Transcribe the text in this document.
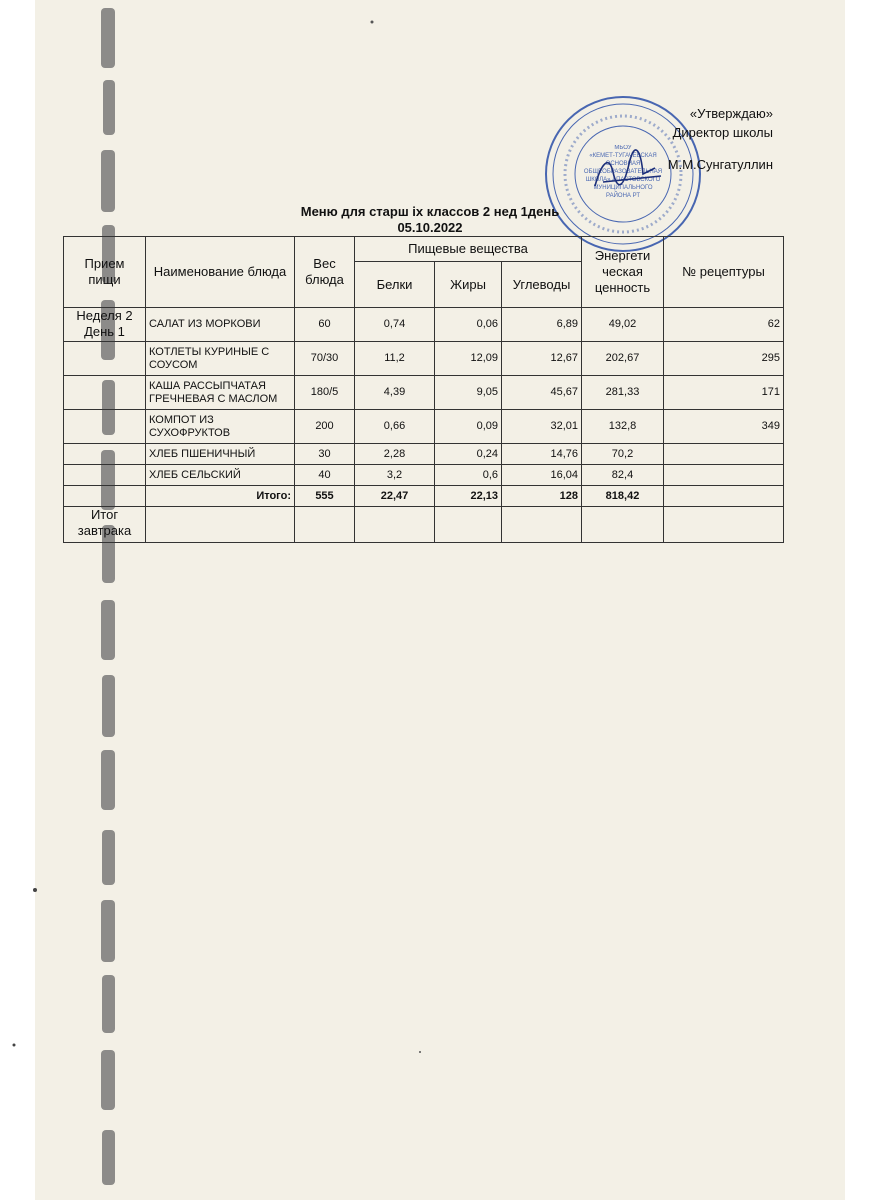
МБОУ
«КЕМЕТ-ТУГАЧЕВСКАЯ
ОСНОВНАЯ
ОБЩЕОБРАЗОВАТЕЛЬНАЯ
ШКОЛА» АПАСТОВСКОГО
МУНИЦИПАЛЬНОГО
РАЙОНА РТ
«Утверждаю»
Директор школы
М.М.Сунгатуллин
Меню для старш іх классов 2 нед 1день
05.10.2022
Прием пищи	Наименование блюда	Вес блюда	Пищевые вещества			Энергети ческая ценность	№ рецептуры
			Белки	Жиры	Углеводы		
Неделя 2 День 1	САЛАТ ИЗ МОРКОВИ	60	0,74	0,06	6,89	49,02	62
	КОТЛЕТЫ КУРИНЫЕ С СОУСОМ	70/30	11,2	12,09	12,67	202,67	295
	КАША РАССЫПЧАТАЯ ГРЕЧНЕВАЯ С МАСЛОМ	180/5	4,39	9,05	45,67	281,33	171
	КОМПОТ ИЗ СУХОФРУКТОВ	200	0,66	0,09	32,01	132,8	349
	ХЛЕБ ПШЕНИЧНЫЙ	30	2,28	0,24	14,76	70,2	
	ХЛЕБ СЕЛЬСКИЙ	40	3,2	0,6	16,04	82,4	
	Итого:	555	22,47	22,13	128	818,42	
Итог завтрака							
